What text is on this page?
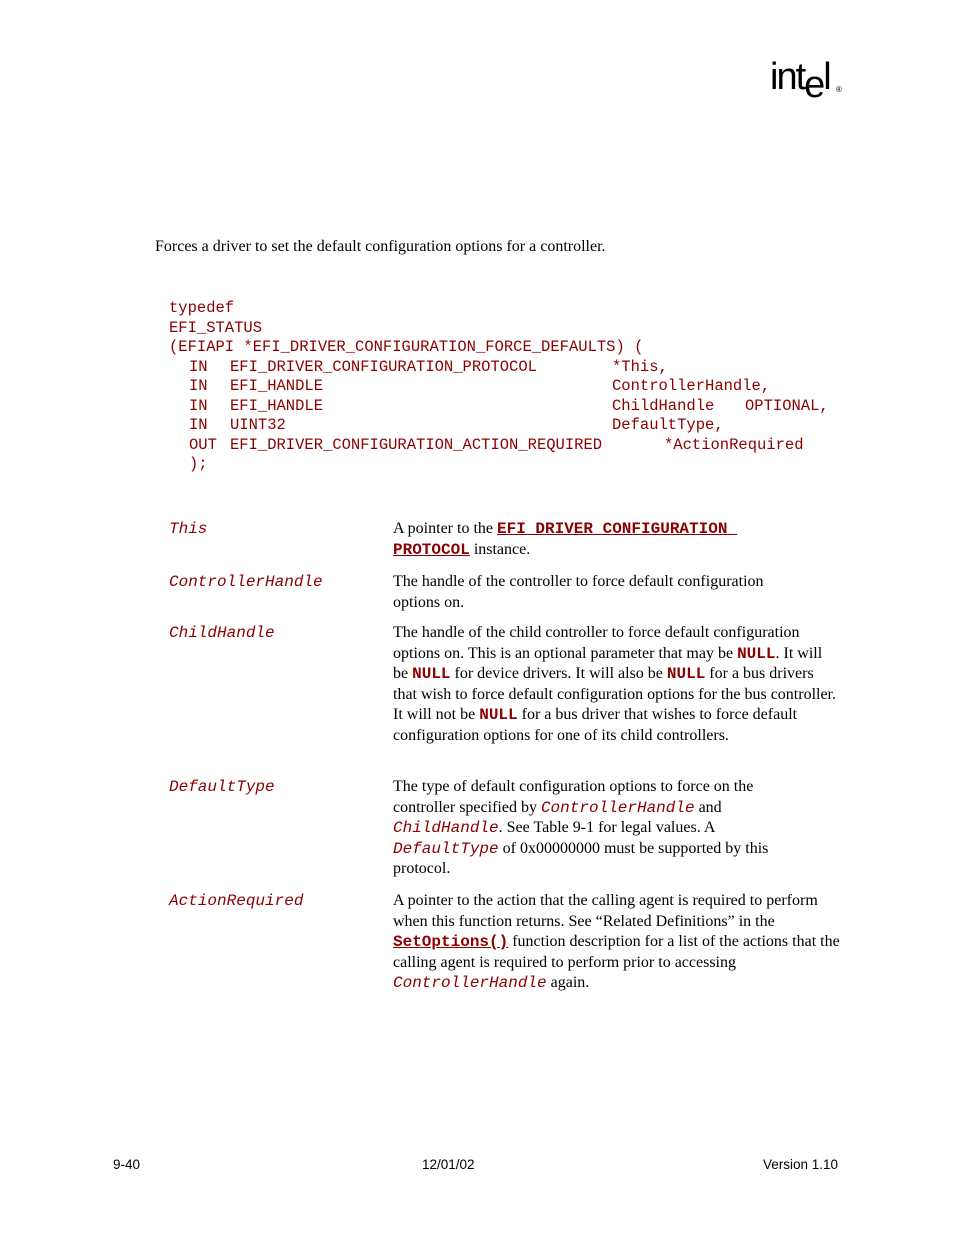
intel ®
Forces a driver to set the default configuration options for a controller.
typedef
EFI_STATUS
(EFIAPI *EFI_DRIVER_CONFIGURATION_FORCE_DEFAULTS) (
IN EFI_DRIVER_CONFIGURATION_PROTOCOL	*This,
IN EFI_HANDLE	ControllerHandle,
IN EFI_HANDLE	ChildHandle OPTIONAL,
IN UINT32	DefaultType,
OUT EFI_DRIVER_CONFIGURATION_ACTION_REQUIRED	*ActionRequired
);
This	A pointer to the EFI_DRIVER_CONFIGURATION_
PROTOCOL instance.
ControllerHandle	The handle of the controller to force default configuration options on.
ChildHandle	The handle of the child controller to force default configuration options on. This is an optional parameter that may be NULL. It will be NULL for device drivers. It will also be NULL for a bus drivers that wish to force default configuration options for the bus controller. It will not be NULL for a bus driver that wishes to force default configuration options for one of its child controllers.
DefaultType	The type of default configuration options to force on the controller specified by ControllerHandle and ChildHandle. See Table 9-1 for legal values. A DefaultType of 0x00000000 must be supported by this protocol.
ActionRequired	A pointer to the action that the calling agent is required to perform when this function returns. See “Related Definitions” in the SetOptions() function description for a list of the actions that the calling agent is required to perform prior to accessing ControllerHandle again.
9-40	12/01/02	Version 1.10
